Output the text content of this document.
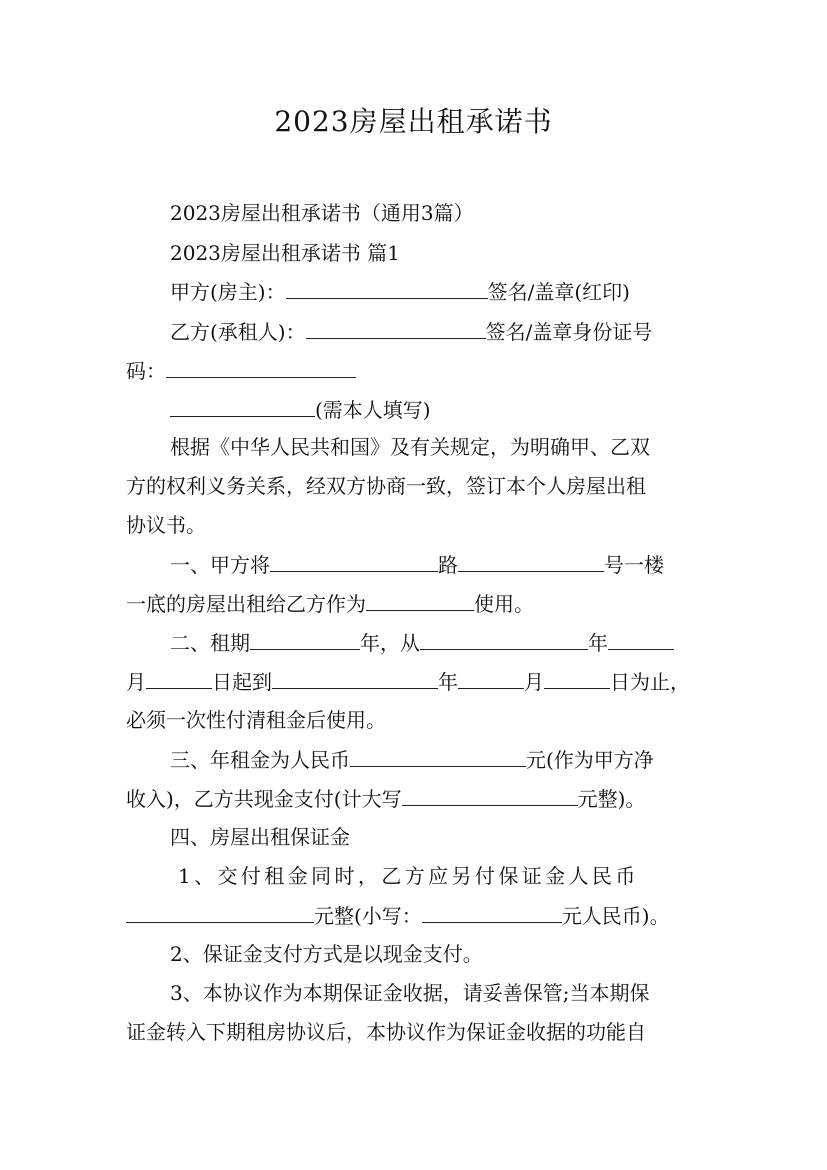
2023房屋出租承诺书
2023房屋出租承诺书（通用3篇）
2023房屋出租承诺书 篇1
甲方(房主)：	签名/盖章(红印)
乙方(承租人)：	签名/盖章身份证号
码：
(需本人填写)
根据《中华人民共和国》及有关规定，为明确甲、乙双
方的权利义务关系，经双方协商一致，签订本个人房屋出租
协议书。
一、甲方将	路	号一楼
一底的房屋出租给乙方作为	使用。
二、租期	年，从	年
月	日起到	年	月	日为止，
必须一次性付清租金后使用。
三、年租金为人民币	元(作为甲方净
收入)，乙方共现金支付(计大写	元整)。
四、房屋出租保证金
1、交付租金同时，乙方应另付保证金人民币
元整(小写：	元人民币)。
2、保证金支付方式是以现金支付。
3、本协议作为本期保证金收据，请妥善保管;当本期保
证金转入下期租房协议后，本协议作为保证金收据的功能自
